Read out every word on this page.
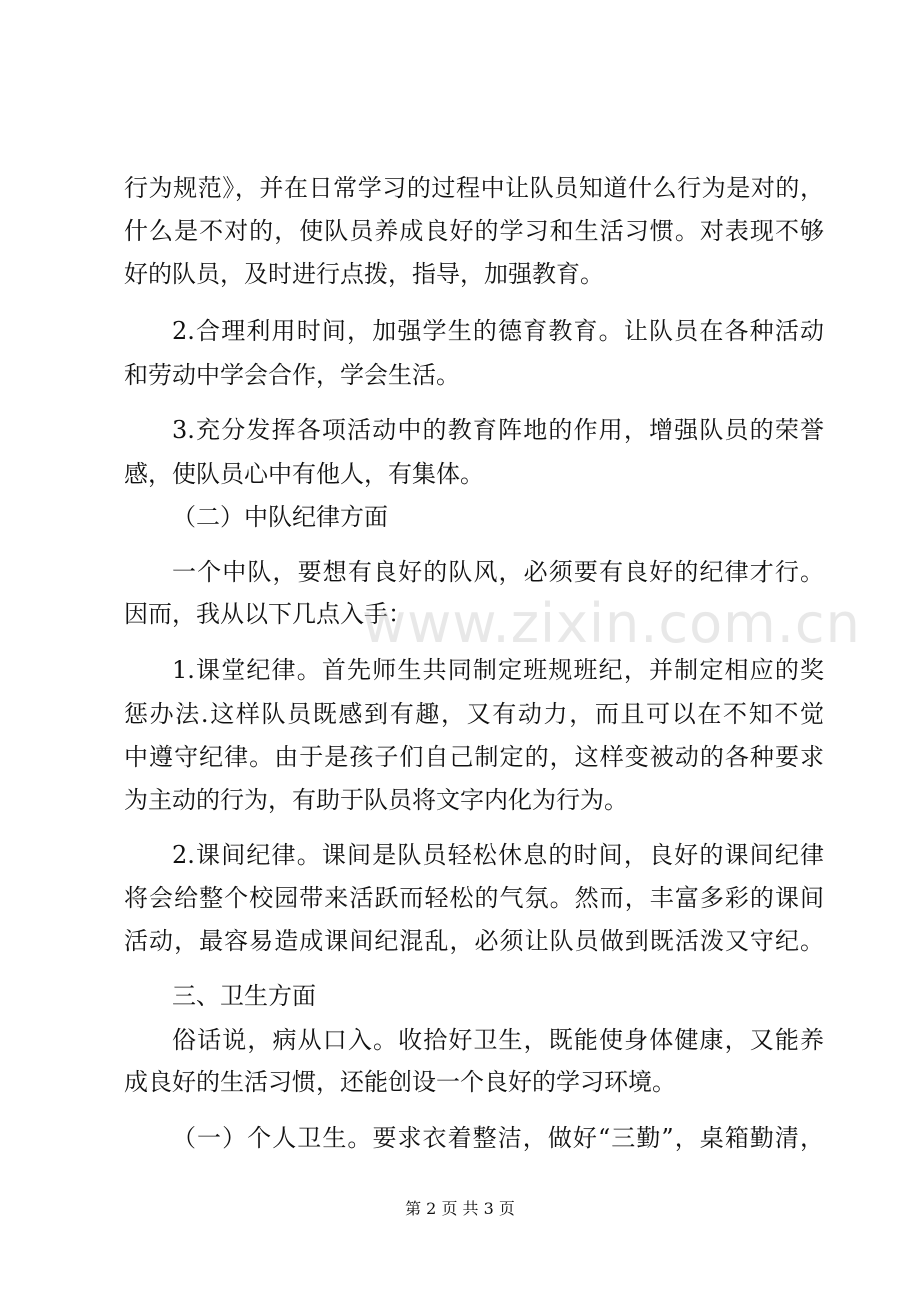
行为规范》，并在日常学习的过程中让队员知道什么行为是对的，
什么是不对的，使队员养成良好的学习和生活习惯。对表现不够
好的队员，及时进行点拨，指导，加强教育。
2.合理利用时间，加强学生的德育教育。让队员在各种活动
和劳动中学会合作，学会生活。
3.充分发挥各项活动中的教育阵地的作用，增强队员的荣誉
感，使队员心中有他人，有集体。
（二）中队纪律方面
一个中队，要想有良好的队风，必须要有良好的纪律才行。
因而，我从以下几点入手：
1.课堂纪律。首先师生共同制定班规班纪，并制定相应的奖
惩办法.这样队员既感到有趣，又有动力，而且可以在不知不觉
中遵守纪律。由于是孩子们自己制定的，这样变被动的各种要求
为主动的行为，有助于队员将文字内化为行为。
2.课间纪律。课间是队员轻松休息的时间，良好的课间纪律
将会给整个校园带来活跃而轻松的气氛。然而，丰富多彩的课间
活动，最容易造成课间纪混乱，必须让队员做到既活泼又守纪。
三、卫生方面
俗话说，病从口入。收拾好卫生，既能使身体健康，又能养
成良好的生活习惯，还能创设一个良好的学习环境。
（一）个人卫生。要求衣着整洁，做好“三勤”，桌箱勤清，
www.zixin.com.cn
第 2 页 共 3 页
